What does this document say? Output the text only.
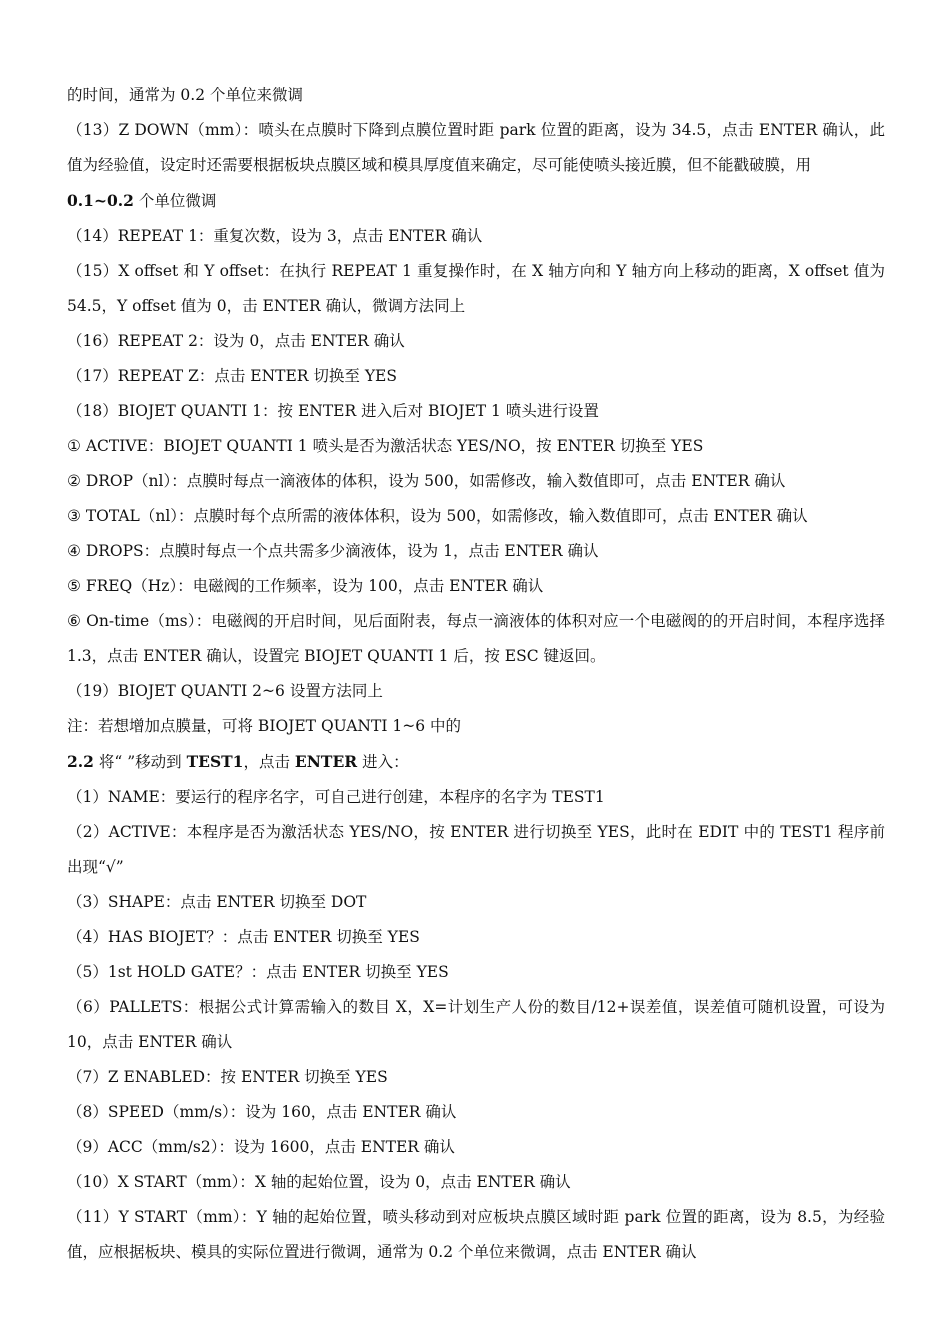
的时间，通常为 0.2 个单位来微调

（13）Z DOWN（mm）：喷头在点膜时下降到点膜位置时距 park 位置的距离，设为 34.5，点击 ENTER 确认，此值为经验值，设定时还需要根据板块点膜区域和模具厚度值来确定，尽可能使喷头接近膜，但不能戳破膜，用

0.1~0.2 个单位微调

（14）REPEAT 1：重复次数，设为 3，点击 ENTER 确认

（15）X offset 和 Y offset：在执行 REPEAT 1 重复操作时，在 X 轴方向和 Y 轴方向上移动的距离，X offset 值为 54.5，Y offset 值为 0，击 ENTER 确认，微调方法同上

（16）REPEAT 2：设为 0，点击 ENTER 确认

（17）REPEAT Z：点击 ENTER 切换至 YES

（18）BIOJET QUANTI 1：按 ENTER 进入后对 BIOJET 1 喷头进行设置

① ACTIVE：BIOJET QUANTI 1 喷头是否为激活状态 YES/NO，按 ENTER 切换至 YES

② DROP（nl）：点膜时每点一滴液体的体积，设为 500，如需修改，输入数值即可，点击 ENTER 确认

③ TOTAL（nl）：点膜时每个点所需的液体体积，设为 500，如需修改，输入数值即可，点击 ENTER 确认

④ DROPS：点膜时每点一个点共需多少滴液体，设为 1，点击 ENTER 确认

⑤ FREQ（Hz）：电磁阀的工作频率，设为 100，点击 ENTER 确认

⑥ On-time（ms）：电磁阀的开启时间，见后面附表，每点一滴液体的体积对应一个电磁阀的的开启时间，本程序选择 1.3，点击 ENTER 确认，设置完 BIOJET QUANTI 1 后，按 ESC 键返回。

（19）BIOJET QUANTI 2~6 设置方法同上

注：若想增加点膜量，可将 BIOJET QUANTI 1~6 中的

2.2 将“ ”移动到 TEST1，点击 ENTER 进入：

（1）NAME：要运行的程序名字，可自己进行创建，本程序的名字为 TEST1

（2）ACTIVE：本程序是否为激活状态 YES/NO，按 ENTER 进行切换至 YES，此时在 EDIT 中的 TEST1 程序前出现“√”

（3）SHAPE：点击 ENTER 切换至 DOT

（4）HAS BIOJET？：点击 ENTER 切换至 YES

（5）1st HOLD GATE？：点击 ENTER 切换至 YES

（6）PALLETS：根据公式计算需输入的数目 X，X=计划生产人份的数目/12+误差值，误差值可随机设置，可设为 10，点击 ENTER 确认

（7）Z ENABLED：按 ENTER 切换至 YES

（8）SPEED（mm/s）：设为 160，点击 ENTER 确认

（9）ACC（mm/s2）：设为 1600，点击 ENTER 确认

（10）X START（mm）：X 轴的起始位置，设为 0，点击 ENTER 确认

（11）Y START（mm）：Y 轴的起始位置，喷头移动到对应板块点膜区域时距 park 位置的距离，设为 8.5，为经验值，应根据板块、模具的实际位置进行微调，通常为 0.2 个单位来微调，点击 ENTER 确认
